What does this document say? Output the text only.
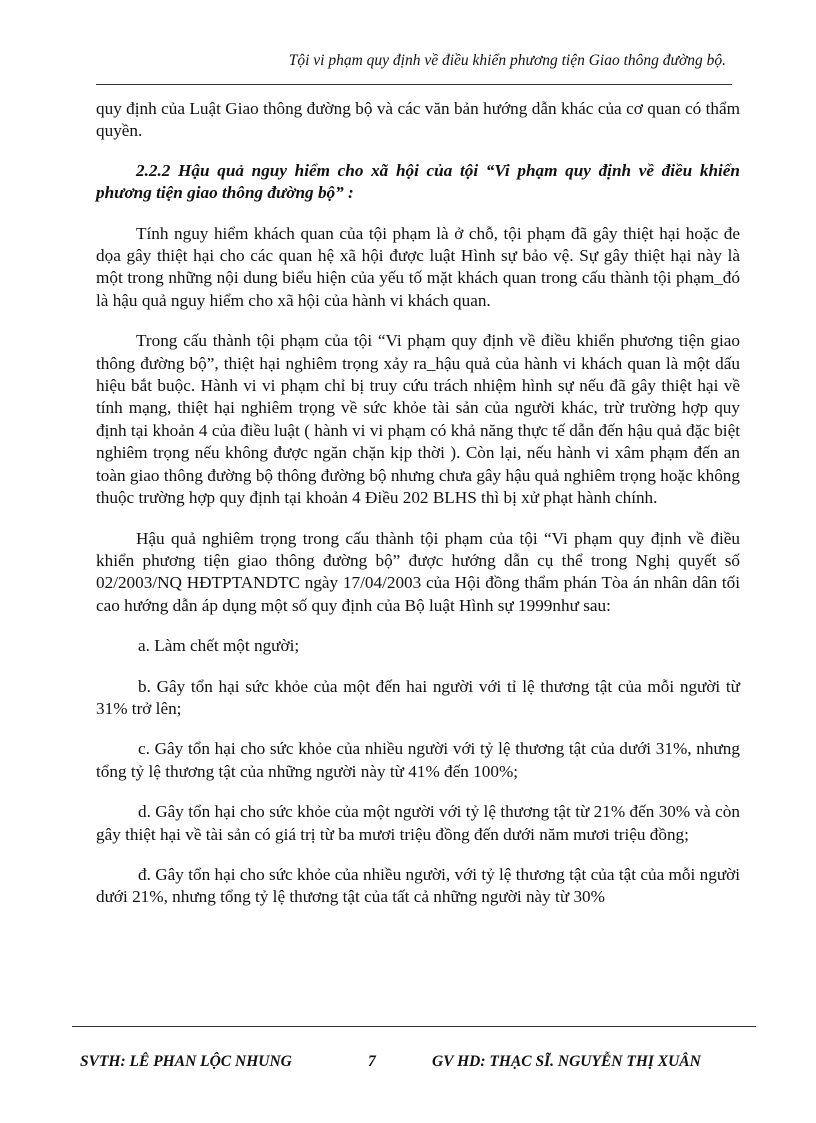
Tội vi phạm quy định về điều khiển phương tiện Giao thông đường bộ.

quy định của Luật Giao thông đường bộ và các văn bản hướng dẫn khác của cơ quan có thẩm quyền.

2.2.2 Hậu quả nguy hiểm cho xã hội của tội “Vi phạm quy định về điều khiển phương tiện giao thông đường bộ” :

Tính nguy hiểm khách quan của tội phạm là ở chỗ, tội phạm đã gây thiệt hại hoặc đe dọa gây thiệt hại cho các quan hệ xã hội được luật Hình sự bảo vệ. Sự gây thiệt hại này là một trong những nội dung biểu hiện của yếu tố mặt khách quan trong cấu thành tội phạm_đó là hậu quả nguy hiểm cho xã hội của hành vi khách quan.

Trong cấu thành tội phạm của tội “Vi phạm quy định về điều khiển phương tiện giao thông đường bộ”, thiệt hại nghiêm trọng xảy ra_hậu quả của hành vi khách quan là một dấu hiệu bắt buộc. Hành vi vi phạm chỉ bị truy cứu trách nhiệm hình sự nếu đã gây thiệt hại về tính mạng, thiệt hại nghiêm trọng về sức khỏe tài sản của người khác, trừ trường hợp quy định tại khoản 4 của điều luật ( hành vi vi phạm có khả năng thực tế dẫn đến hậu quả đặc biệt nghiêm trọng nếu không được ngăn chặn kịp thời ). Còn lại, nếu hành vi xâm phạm đến an toàn giao thông đường bộ thông đường bộ nhưng chưa gây hậu quả nghiêm trọng hoặc không thuộc trường hợp quy định tại khoản 4 Điều 202 BLHS thì bị xử phạt hành chính.

Hậu quả nghiêm trọng trong cấu thành tội phạm của tội “Vi phạm quy định về điều khiển phương tiện giao thông đường bộ” được hướng dẫn cụ thể trong Nghị quyết số 02/2003/NQ HĐTPTANDTC ngày 17/04/2003 của Hội đồng thẩm phán Tòa án nhân dân tối cao hướng dẫn áp dụng một số quy định của Bộ luật Hình sự 1999như sau:

a. Làm chết một người;

b. Gây tổn hại sức khỏe của một đến hai người với tỉ lệ thương tật của mỗi người từ 31% trở lên;

c. Gây tổn hại cho sức khỏe của nhiều người với tỷ lệ thương tật của dưới 31%, nhưng tổng tỷ lệ thương tật của những người này từ 41% đến 100%;

d. Gây tổn hại cho sức khỏe của một người với tỷ lệ thương tật từ 21% đến 30% và còn gây thiệt hại về tài sản có giá trị từ ba mươi triệu đồng đến dưới năm mươi triệu đồng;

đ. Gây tổn hại cho sức khỏe của nhiều người, với tỷ lệ thương tật của tật của mỗi người dưới 21%, nhưng tổng tỷ lệ thương tật của tất cả những người này từ 30%

SVTH: LÊ PHAN LỘC NHUNG	7	GV HD: THẠC SĨ. NGUYỄN THỊ XUÂN
